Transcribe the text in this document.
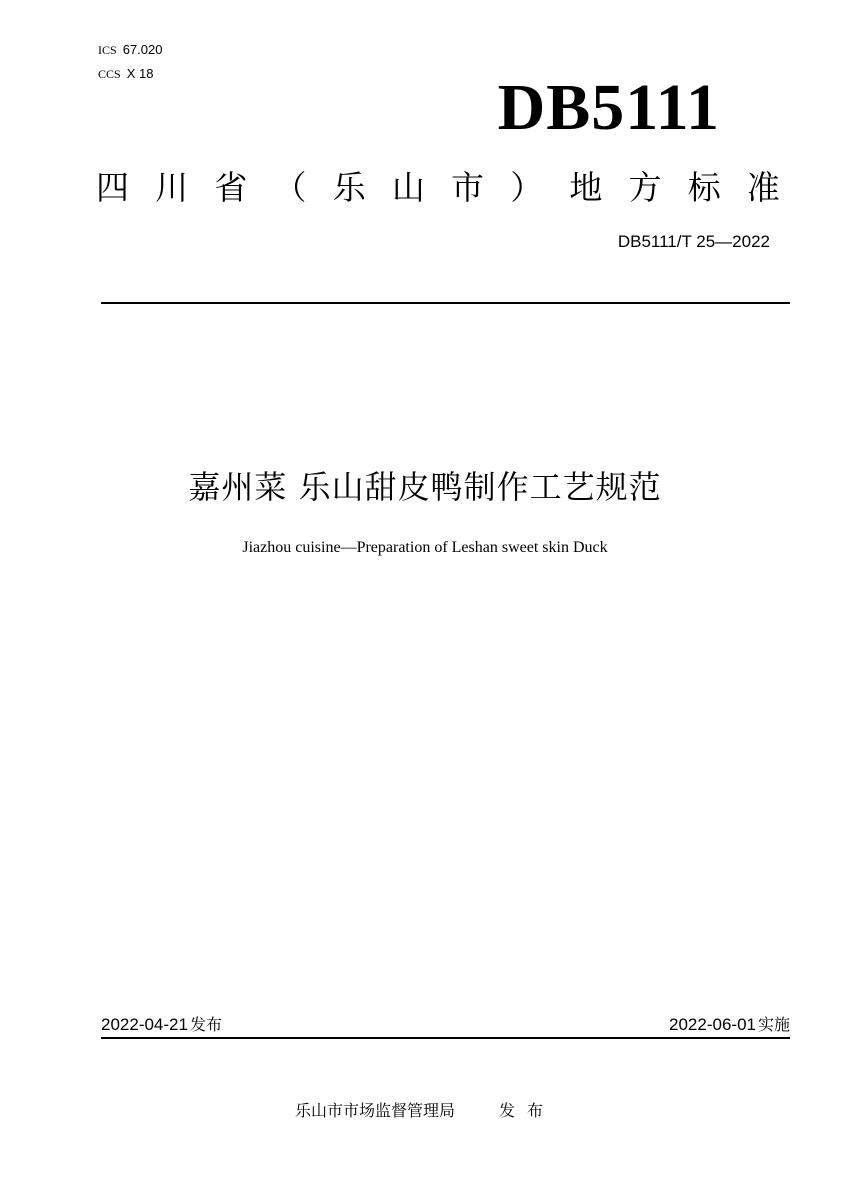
ICS 67.020
CCS X 18	DB5111
四 川 省 （ 乐 山 市 ） 地 方 标 准
DB5111/T 25—2022
嘉州菜 乐山甜皮鸭制作工艺规范
Jiazhou cuisine—Preparation of Leshan sweet skin Duck
2022-04-21 发布	2022-06-01 实施
乐山市市场监督管理局	发布
